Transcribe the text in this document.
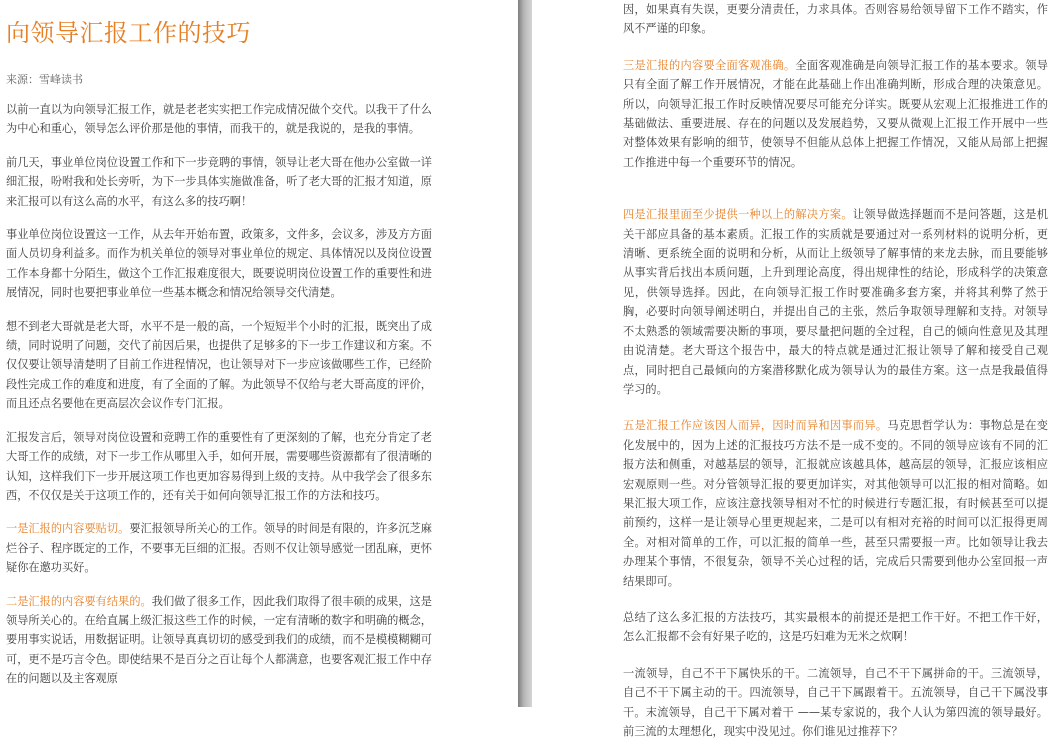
向领导汇报工作的技巧
来源：雪峰读书

以前一直以为向领导汇报工作，就是老老实实把工作完成情况做个交代。以我干了什么为中心和重心，领导怎么评价那是他的事情，而我干的，就是我说的，是我的事情。

前几天，事业单位岗位设置工作和下一步竞聘的事情，领导让老大哥在他办公室做一详细汇报，吩咐我和处长旁听，为下一步具体实施做准备，听了老大哥的汇报才知道，原来汇报可以有这么高的水平，有这么多的技巧啊！

事业单位岗位设置这一工作，从去年开始布置，政策多，文件多，会议多，涉及方方面面人员切身利益多。而作为机关单位的领导对事业单位的规定、具体情况以及岗位设置工作本身都十分陌生，做这个工作汇报难度很大，既要说明岗位设置工作的重要性和进展情况，同时也要把事业单位一些基本概念和情况给领导交代清楚。

想不到老大哥就是老大哥，水平不是一般的高，一个短短半个小时的汇报，既突出了成绩，同时说明了问题，交代了前因后果，也提供了足够多的下一步工作建议和方案。不仅仅要让领导清楚明了目前工作进程情况，也让领导对下一步应该做哪些工作，已经阶段性完成工作的难度和进度，有了全面的了解。为此领导不仅给与老大哥高度的评价，而且还点名要他在更高层次会议作专门汇报。

汇报发言后，领导对岗位设置和竞聘工作的重要性有了更深刻的了解，也充分肯定了老大哥工作的成绩，对下一步工作从哪里入手，如何开展，需要哪些资源都有了很清晰的认知，这样我们下一步开展这项工作也更加容易得到上级的支持。从中我学会了很多东西，不仅仅是关于这项工作的，还有关于如何向领导汇报工作的方法和技巧。

一是汇报的内容要贴切。要汇报领导所关心的工作。领导的时间是有限的，许多沉芝麻烂谷子、程序既定的工作，不要事无巨细的汇报。否则不仅让领导感觉一团乱麻，更怀疑你在邀功买好。

二是汇报的内容要有结果的。我们做了很多工作，因此我们取得了很丰硕的成果，这是领导所关心的。在给直属上级汇报这些工作的时候，一定有清晰的数字和明确的概念，要用事实说话，用数据证明。让领导真真切切的感受到我们的成绩，而不是模模糊糊可可，更不是巧言令色。即使结果不是百分之百让每个人都满意，也要客观汇报工作中存在的问题以及主客观原

因，如果真有失误，更要分清责任，力求具体。否则容易给领导留下工作不踏实，作风不严谨的印象。

三是汇报的内容要全面客观准确。全面客观准确是向领导汇报工作的基本要求。领导只有全面了解工作开展情况，才能在此基础上作出准确判断，形成合理的决策意见。所以，向领导汇报工作时反映情况要尽可能充分详实。既要从宏观上汇报推进工作的基础做法、重要进展、存在的问题以及发展趋势，又要从微观上汇报工作开展中一些对整体效果有影响的细节，使领导不但能从总体上把握工作情况，又能从局部上把握工作推进中每一个重要环节的情况。

四是汇报里面至少提供一种以上的解决方案。让领导做选择题而不是问答题，这是机关干部应具备的基本素质。汇报工作的实质就是要通过对一系列材料的说明分析，更清晰、更系统全面的说明和分析，从而让上级领导了解事情的来龙去脉，而且要能够从事实背后找出本质问题，上升到理论高度，得出规律性的结论，形成科学的决策意见，供领导选择。因此，在向领导汇报工作时要准确多套方案，并将其利弊了然于胸，必要时向领导阐述明白，并提出自己的主张，然后争取领导理解和支持。对领导不太熟悉的领域需要决断的事项，要尽量把问题的全过程，自己的倾向性意见及其理由说清楚。老大哥这个报告中，最大的特点就是通过汇报让领导了解和接受自己观点，同时把自己最倾向的方案潜移默化成为领导认为的最佳方案。这一点是我最值得学习的。

五是汇报工作应该因人而异，因时而异和因事而异。马克思哲学认为：事物总是在变化发展中的，因为上述的汇报技巧方法不是一成不变的。不同的领导应该有不同的汇报方法和侧重，对越基层的领导，汇报就应该越具体，越高层的领导，汇报应该相应宏观原则一些。对分管领导汇报的要更加详实，对其他领导可以汇报的相对简略。如果汇报大项工作，应该注意找领导相对不忙的时候进行专题汇报，有时候甚至可以提前预约，这样一是让领导心里更规起来，二是可以有相对充裕的时间可以汇报得更周全。对相对简单的工作，可以汇报的简单一些，甚至只需要报一声。比如领导让我去办理某个事情，不很复杂，领导不关心过程的话，完成后只需要到他办公室回报一声结果即可。

总结了这么多汇报的方法技巧，其实最根本的前提还是把工作干好。不把工作干好，怎么汇报都不会有好果子吃的，这是巧妇难为无米之炊啊！

一流领导，自己不干下属快乐的干。二流领导，自己不干下属拼命的干。三流领导，自己不干下属主动的干。四流领导，自己干下属跟着干。五流领导，自己干下属没事干。末流领导，自己干下属对着干 ——某专家说的，我个人认为第四流的领导最好。 前三流的太理想化，现实中没见过。你们谁见过推荐下？
